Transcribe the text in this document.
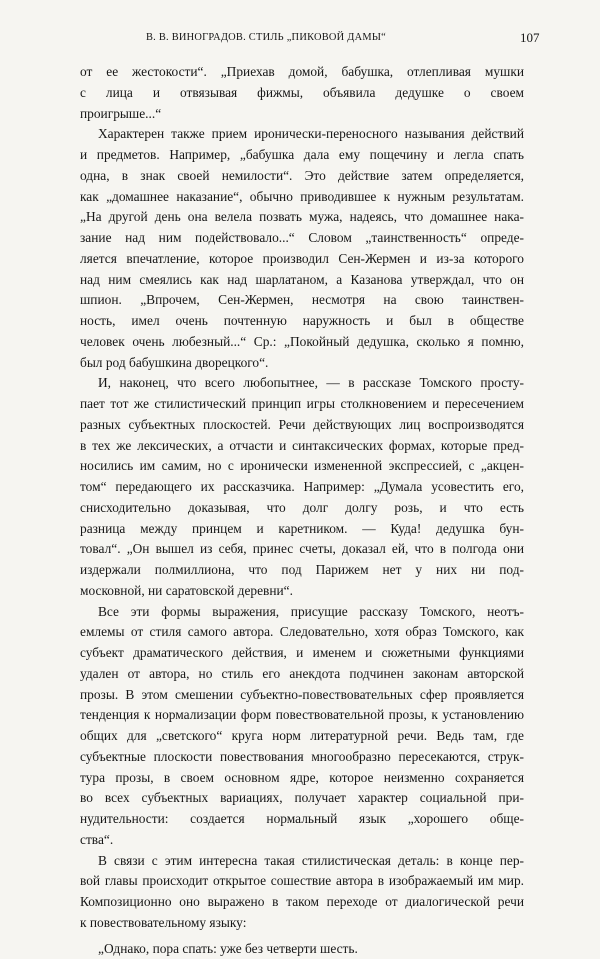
В. В. ВИНОГРАДОВ. СТИЛЬ „ПИКОВОЙ ДАМЫ“	107
от ее жестокости“. „Приехав домой, бабушка, отлепливая мушки
с лица и отвязывая фижмы, объявила дедушке о своем
проигрыше...“
Характерен также прием иронически-переносного называния действий
и предметов. Например, „бабушка дала ему пощечину и легла спать
одна, в знак своей немилости“. Это действие затем определяется,
как „домашнее наказание“, обычно приводившее к нужным результатам.
„На другой день она велела позвать мужа, надеясь, что домашнее нака-
зание над ним подействовало...“ Словом „таинственность“ опреде-
ляется впечатление, которое производил Сен-Жермен и из-за которого
над ним смеялись как над шарлатаном, а Казанова утверждал, что он
шпион. „Впрочем, Сен-Жермен, несмотря на свою таинствен-
ность, имел очень почтенную наружность и был в обществе
человек очень любезный...“ Ср.: „Покойный дедушка, сколько я помню,
был род бабушкина дворецкого“.
И, наконец, что всего любопытнее, — в рассказе Томского просту-
пает тот же стилистический принцип игры столкновением и пересечением
разных субъектных плоскостей. Речи действующих лиц воспроизводятся
в тех же лексических, а отчасти и синтаксических формах, которые пред-
носились им самим, но с иронически измененной экспрессией, с „акцен-
том“ передающего их рассказчика. Например: „Думала усовестить его,
снисходительно доказывая, что долг долгу розь, и что есть
разница между принцем и каретником. — Куда! дедушка бун-
товал“. „Он вышел из себя, принес счеты, доказал ей, что в полгода они
издержали полмиллиона, что под Парижем нет у них ни под-
московной, ни саратовской деревни“.
Все эти формы выражения, присущие рассказу Томского, неотъ-
емлемы от стиля самого автора. Следовательно, хотя образ Томского, как
субъект драматического действия, и именем и сюжетными функциями
удален от автора, но стиль его анекдота подчинен законам авторской
прозы. В этом смешении субъектно-повествовательных сфер проявляется
тенденция к нормализации форм повествовательной прозы, к установлению
общих для „светского“ круга норм литературной речи. Ведь там, где
субъектные плоскости повествования многообразно пересекаются, струк-
тура прозы, в своем основном ядре, которое неизменно сохраняется
во всех субъектных вариациях, получает характер социальной при-
нудительности: создается нормальный язык „хорошего обще-
ства“.
В связи с этим интересна такая стилистическая деталь: в конце пер-
вой главы происходит открытое сошествие автора в изображаемый им мир.
Композиционно оно выражено в таком переходе от диалогической речи
к повествовательному языку:
„Однако, пора спать: уже без четверти шесть.
